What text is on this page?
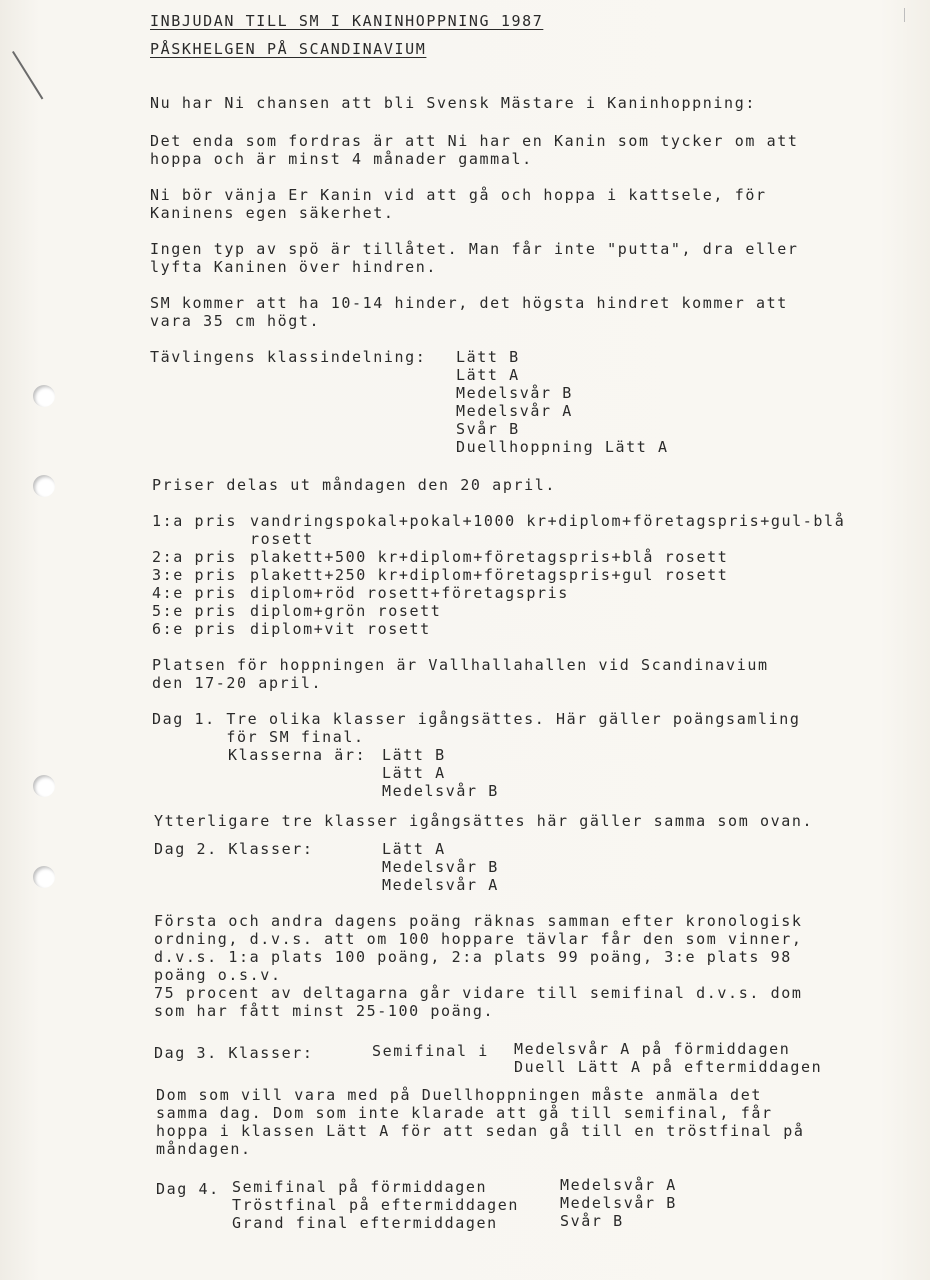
INBJUDAN TILL SM I KANINHOPPNING 1987
PÅSKHELGEN PÅ SCANDINAVIUM
Nu har Ni chansen att bli Svensk Mästare i Kaninhoppning:
Det enda som fordras är att Ni har en Kanin som tycker om att
hoppa och är minst 4 månader gammal.
Ni bör vänja Er Kanin vid att gå och hoppa i kattsele, för
Kaninens egen säkerhet.
Ingen typ av spö är tillåtet. Man får inte "putta", dra eller
lyfta Kaninen över hindren.
SM kommer att ha 10-14 hinder, det högsta hindret kommer att
vara 35 cm högt.
Tävlingens klassindelning: Lätt B
Lätt A
Medelsvår B
Medelsvår A
Svår B
Duellhoppning Lätt A
Priser delas ut måndagen den 20 april.
1:a pris vandringspokal+pokal+1000 kr+diplom+företagspris+gul-blå
rosett
2:a pris plakett+500 kr+diplom+företagspris+blå rosett
3:e pris plakett+250 kr+diplom+företagspris+gul rosett
4:e pris diplom+röd rosett+företagspris
5:e pris diplom+grön rosett
6:e pris diplom+vit rosett
Platsen för hoppningen är Vallhallahallen vid Scandinavium
den 17-20 april.
Dag 1. Tre olika klasser igångsättes. Här gäller poängsamling
för SM final.
Klasserna är: Lätt B
Lätt A
Medelsvår B
Ytterligare tre klasser igångsättes här gäller samma som ovan.
Dag 2. Klasser:	Lätt A
Medelsvår B
Medelsvår A
Första och andra dagens poäng räknas samman efter kronologisk
ordning, d.v.s. att om 100 hoppare tävlar får den som vinner,
d.v.s. 1:a plats 100 poäng, 2:a plats 99 poäng, 3:e plats 98
poäng o.s.v.
75 procent av deltagarna går vidare till semifinal d.v.s. dom
som har fått minst 25-100 poäng.
Dag 3. Klasser:	Semifinal i Medelsvår A på förmiddagen
Duell Lätt A på eftermiddagen
Dom som vill vara med på Duellhoppningen måste anmäla det
samma dag. Dom som inte klarade att gå till semifinal, får
hoppa i klassen Lätt A för att sedan gå till en tröstfinal på
måndagen.
Dag 4. Semifinal på förmiddagen	Medelsvår A
Tröstfinal på eftermiddagen	Medelsvår B
Grand final eftermiddagen	Svår B
